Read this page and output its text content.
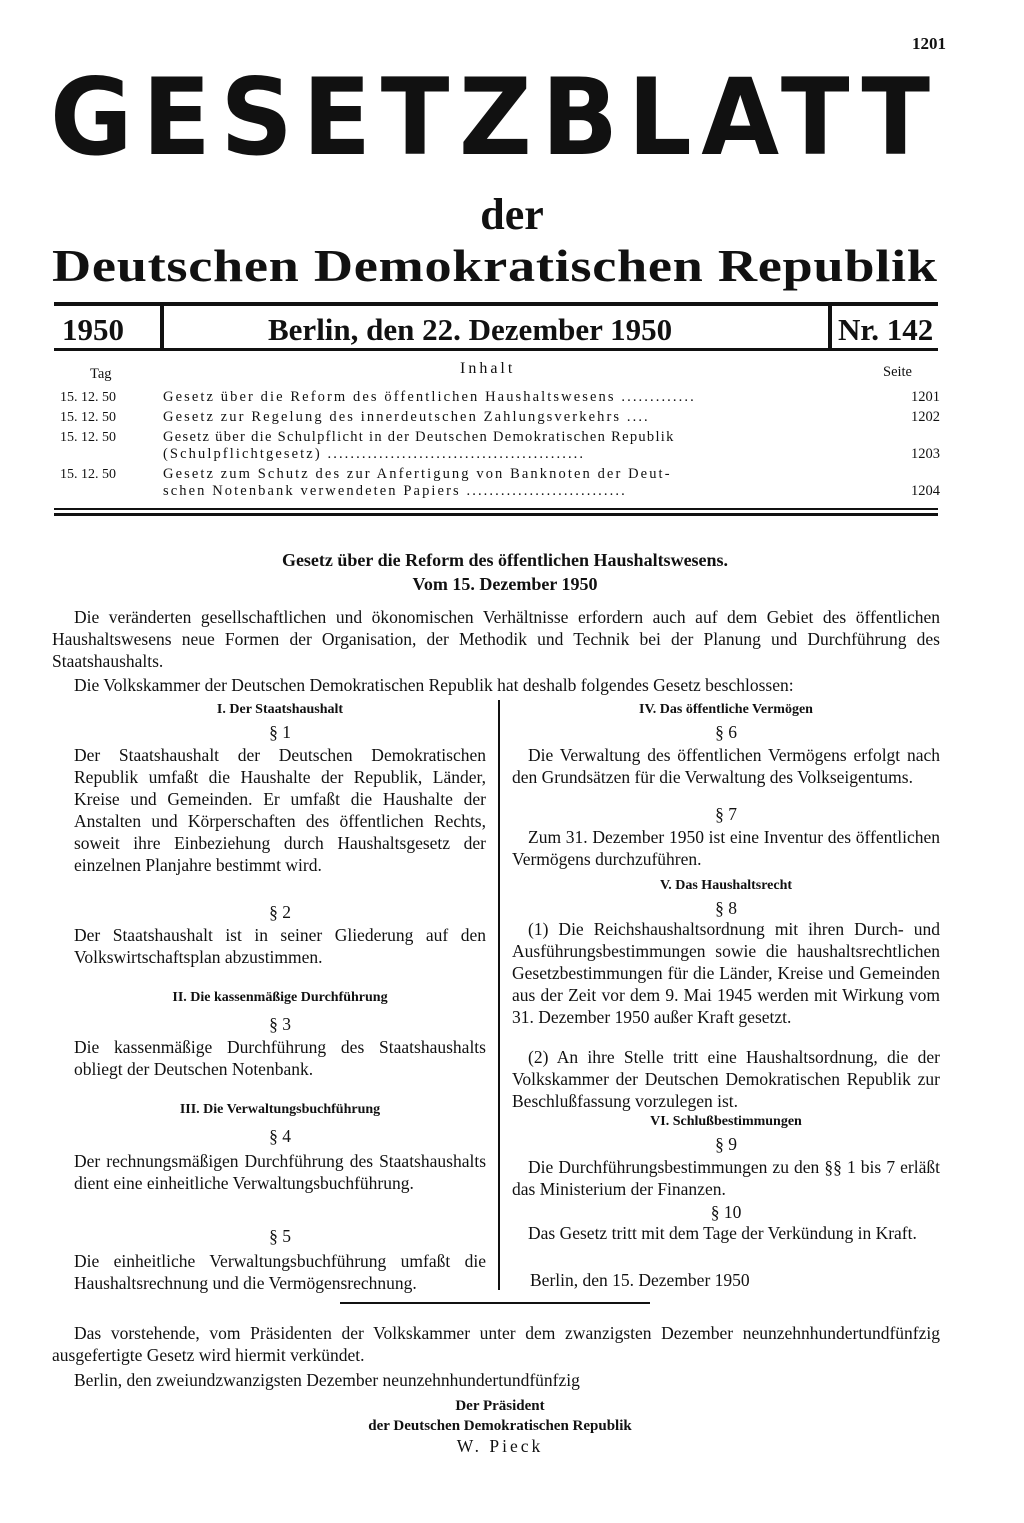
1201
GESETZBLATT
der
Deutschen Demokratischen Republik
1950	Berlin, den 22. Dezember 1950	Nr. 142
Tag	Inhalt	Seite
15. 12. 50	Gesetz über die Reform des öffentlichen Haushaltswesens .............	1201
15. 12. 50	Gesetz zur Regelung des innerdeutschen Zahlungsverkehrs ....	1202
15. 12. 50	Gesetz über die Schulpflicht in der Deutschen Demokratischen Republik
(Schulpflichtgesetz) .............................................	1203
15. 12. 50	Gesetz zum Schutz des zur Anfertigung von Banknoten der Deut-
schen Notenbank verwendeten Papiers ............................	1204
Gesetz über die Reform des öffentlichen Haushaltswesens.
Vom 15. Dezember 1950
Die veränderten gesellschaftlichen und ökonomischen Verhältnisse erfordern auch auf dem Gebiet des öffentlichen Haushaltswesens neue Formen der Organisation, der Methodik und Technik bei der Planung und Durchführung des Staatshaushalts.
Die Volkskammer der Deutschen Demokratischen Republik hat deshalb folgendes Gesetz beschlossen:
I. Der Staatshaushalt
§ 1
Der Staatshaushalt der Deutschen Demokratischen Republik umfaßt die Haushalte der Republik, Länder, Kreise und Gemeinden. Er umfaßt die Haushalte der Anstalten und Körperschaften des öffentlichen Rechts, soweit ihre Einbeziehung durch Haushaltsgesetz der einzelnen Planjahre bestimmt wird.
§ 2
Der Staatshaushalt ist in seiner Gliederung auf den Volkswirtschaftsplan abzustimmen.
II. Die kassenmäßige Durchführung
§ 3
Die kassenmäßige Durchführung des Staatshaushalts obliegt der Deutschen Notenbank.
III. Die Verwaltungsbuchführung
§ 4
Der rechnungsmäßigen Durchführung des Staatshaushalts dient eine einheitliche Verwaltungsbuchführung.
§ 5
Die einheitliche Verwaltungsbuchführung umfaßt die Haushaltsrechnung und die Vermögensrechnung.
IV. Das öffentliche Vermögen
§ 6
Die Verwaltung des öffentlichen Vermögens erfolgt nach den Grundsätzen für die Verwaltung des Volkseigentums.
§ 7
Zum 31. Dezember 1950 ist eine Inventur des öffentlichen Vermögens durchzuführen.
V. Das Haushaltsrecht
§ 8
(1) Die Reichshaushaltsordnung mit ihren Durch- und Ausführungsbestimmungen sowie die haushaltsrechtlichen Gesetzbestimmungen für die Länder, Kreise und Gemeinden aus der Zeit vor dem 9. Mai 1945 werden mit Wirkung vom 31. Dezember 1950 außer Kraft gesetzt.
(2) An ihre Stelle tritt eine Haushaltsordnung, die der Volkskammer der Deutschen Demokratischen Republik zur Beschlußfassung vorzulegen ist.
VI. Schlußbestimmungen
§ 9
Die Durchführungsbestimmungen zu den §§ 1 bis 7 erläßt das Ministerium der Finanzen.
§ 10
Das Gesetz tritt mit dem Tage der Verkündung in Kraft.
Berlin, den 15. Dezember 1950
Das vorstehende, vom Präsidenten der Volkskammer unter dem zwanzigsten Dezember neunzehnhundertundfünfzig ausgefertigte Gesetz wird hiermit verkündet.
Berlin, den zweiundzwanzigsten Dezember neunzehnhundertundfünfzig
Der Präsident
der Deutschen Demokratischen Republik
W. Pieck
